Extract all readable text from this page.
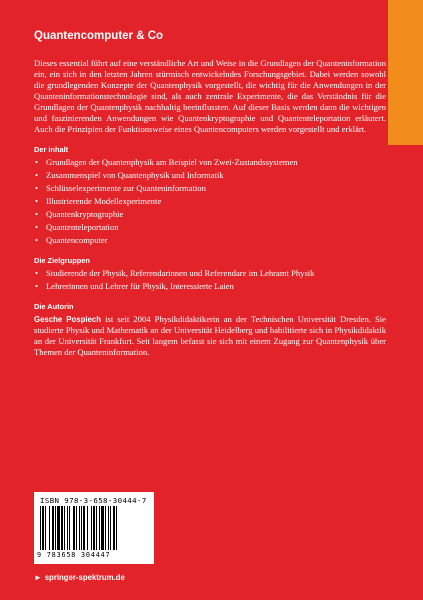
Quantencomputer & Co

Dieses essential führt auf eine verständliche Art und Weise in die Grundlagen der Quanteninformation ein, ein sich in den letzten Jahren stürmisch entwickelndes Forschungsgebiet. Dabei werden sowohl die grundlegenden Konzepte der Quantenphysik vorgestellt, die wichtig für die Anwendungen in der Quanteninformationstechnologie sind, als auch zentrale Experimente, die das Verständnis für die Grundlagen der Quantenphysik nachhaltig beeinflussten. Auf dieser Basis werden dann die wichtigen und faszinierenden Anwendungen wie Quantenkryptographie und Quantenteleportation erläutert. Auch die Prinzipien der Funktionsweise eines Quantencomputers werden vorgestellt und erklärt.

Der inhalt
• Grundlagen der Quantenphysik am Beispiel von Zwei-Zustandssystemen
• Zusammenspiel von Quantenphysik und Informatik
• Schlüsselexperimente zur Quanteninformation
• Illustrierende Modellexperimente
• Quantenkryptographie
• Quantenteleportation
• Quantencomputer
Die Zielgruppen
• Studierende der Physik, Referendarinnen und Referendare im Lehramt Physik
• Lehrerinnen und Lehrer für Physik, Interessierte Laien
Die Autorin

Gesche Pospiech ist seit 2004 Physikdidaktikerin an der Technischen Universität Dresden. Sie studierte Physik und Mathematik an der Universität Heidelberg und habilitierte sich in Physikdidaktik an der Universität Frankfurt. Seit langem befasst sie sich mit einem Zugang zur Quantenphysik über Themen der Quanteninformation.

ISBN 978-3-658-30444-7
9 783658 304447
► springer-spektrum.de
